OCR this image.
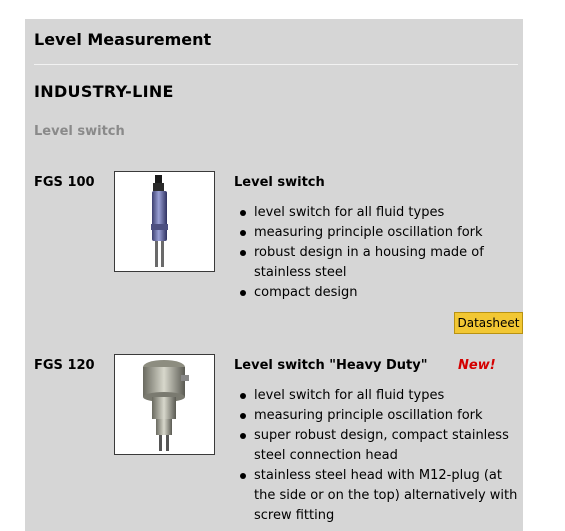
Level Measurement
INDUSTRY-LINE
Level switch
FGS 100	Level switch
level switch for all fluid types
measuring principle oscillation fork
robust design in a housing made of stainless steel
compact design
Datasheet
FGS 120	Level switch "Heavy Duty" New!
level switch for all fluid types
measuring principle oscillation fork
super robust design, compact stainless steel connection head
stainless steel head with M12-plug (at the side or on the top) alternatively with screw fitting
